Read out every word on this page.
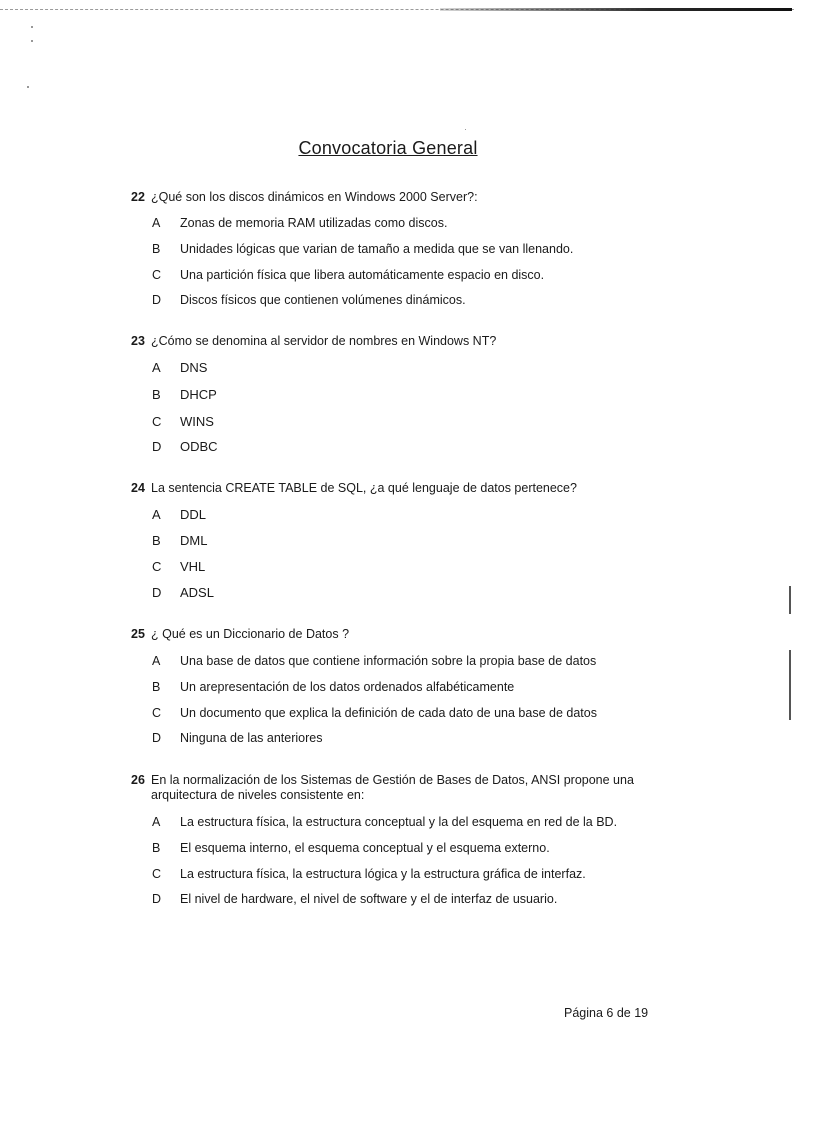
Convocatoria General
22 ¿Qué son los discos dinámicos en Windows 2000 Server?:
A Zonas de memoria RAM utilizadas como discos.
B Unidades lógicas que varian de tamaño a medida que se van llenando.
C Una partición física que libera automáticamente espacio en disco.
D Discos físicos que contienen volúmenes dinámicos.
23 ¿Cómo se denomina al servidor de nombres en Windows NT?
A DNS
B DHCP
C WINS
D ODBC
24 La sentencia CREATE TABLE de SQL, ¿a qué lenguaje de datos pertenece?
A DDL
B DML
C VHL
D ADSL
25 ¿ Qué es un Diccionario de Datos ?
A Una base de datos que contiene información sobre la propia base de datos
B Un arepresentación de los datos ordenados alfabéticamente
C Un documento que explica la definición de cada dato de una base de datos
D Ninguna de las anteriores
26 En la normalización de los Sistemas de Gestión de Bases de Datos, ANSI propone una arquitectura de niveles consistente en:
A La estructura física, la estructura conceptual y la del esquema en red de la BD.
B El esquema interno, el esquema conceptual y el esquema externo.
C La estructura física, la estructura lógica y la estructura gráfica de interfaz.
D El nivel de hardware, el nivel de software y el de interfaz de usuario.
Página 6 de 19
